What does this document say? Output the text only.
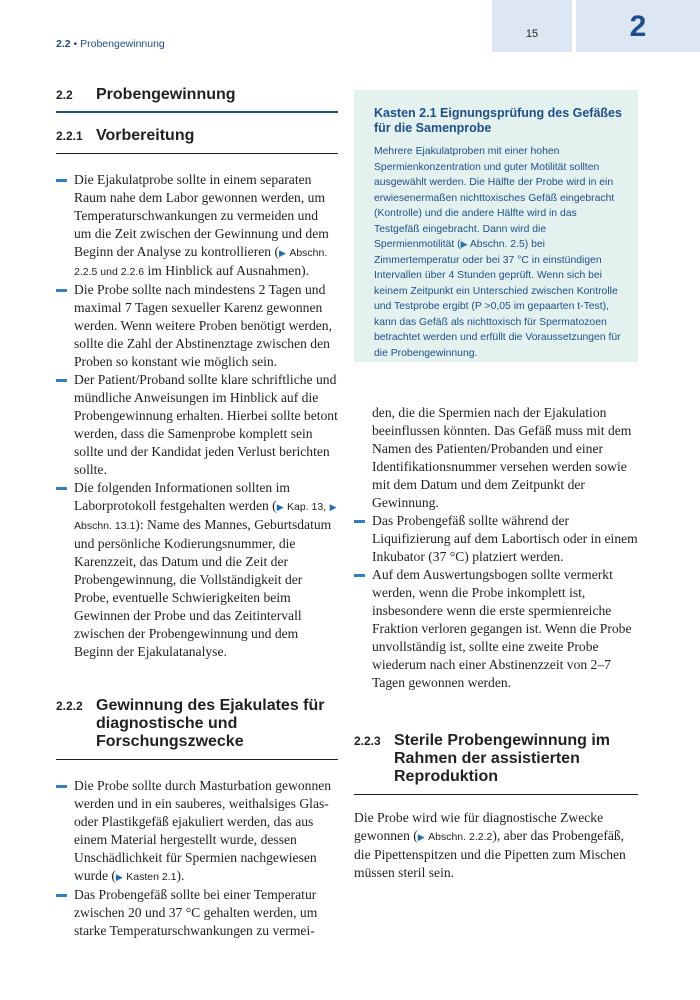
2.2 • Probengewinnung
15	2
2.2	Probengewinnung
2.2.1 Vorbereitung
Die Ejakulatprobe sollte in einem separaten Raum nahe dem Labor gewonnen werden, um Temperaturschwankungen zu vermeiden und um die Zeit zwischen der Gewinnung und dem Beginn der Analyse zu kontrollieren (▶ Abschn. 2.2.5 und 2.2.6 im Hinblick auf Ausnahmen).
Die Probe sollte nach mindestens 2 Tagen und maximal 7 Tagen sexueller Karenz gewonnen werden. Wenn weitere Proben benötigt werden, sollte die Zahl der Abstinenztage zwischen den Proben so konstant wie möglich sein.
Der Patient/Proband sollte klare schriftliche und mündliche Anweisungen im Hinblick auf die Probengewinnung erhalten. Hierbei sollte betont werden, dass die Samenprobe komplett sein sollte und der Kandidat jeden Verlust berichten sollte.
Die folgenden Informationen sollten im Laborprotokoll festgehalten werden (▶ Kap. 13, ▶ Abschn. 13.1): Name des Mannes, Geburtsdatum und persönliche Kodierungsnummer, die Karenzzeit, das Datum und die Zeit der Probengewinnung, die Vollständigkeit der Probe, eventuelle Schwierigkeiten beim Gewinnen der Probe und das Zeitintervall zwischen der Probengewinnung und dem Beginn der Ejakulatanalyse.
2.2.2 Gewinnung des Ejakulates für diagnostische und Forschungszwecke
Die Probe sollte durch Masturbation gewonnen werden und in ein sauberes, weithalsiges Glas- oder Plastikgefäß ejakuliert werden, das aus einem Material hergestellt wurde, dessen Unschädlichkeit für Spermien nachgewiesen wurde (▶ Kasten 2.1).
Das Probengefäß sollte bei einer Temperatur zwischen 20 und 37 °C gehalten werden, um starke Temperaturschwankungen zu vermei-
Kasten 2.1 Eignungsprüfung des Gefäßes für die Samenprobe
Mehrere Ejakulatproben mit einer hohen Spermienkonzentration und guter Motilität sollten ausgewählt werden. Die Hälfte der Probe wird in ein erwiesenermaßen nichttoxisches Gefäß eingebracht (Kontrolle) und die andere Hälfte wird in das Testgefäß eingebracht. Dann wird die Spermienmotilität (▶ Abschn. 2.5) bei Zimmertemperatur oder bei 37 °C in einstündigen Intervallen über 4 Stunden geprüft. Wenn sich bei keinem Zeitpunkt ein Unterschied zwischen Kontrolle und Testprobe ergibt (P >0,05 im gepaarten t-Test), kann das Gefäß als nichttoxisch für Spermatozoen betrachtet werden und erfüllt die Voraussetzungen für die Probengewinnung.

den, die die Spermien nach der Ejakulation beeinflussen könnten. Das Gefäß muss mit dem Namen des Patienten/Probanden und einer Identifikationsnummer versehen werden sowie mit dem Datum und dem Zeitpunkt der Gewinnung.

Das Probengefäß sollte während der Liquifizierung auf dem Labortisch oder in einem Inkubator (37 °C) platziert werden.
Auf dem Auswertungsbogen sollte vermerkt werden, wenn die Probe inkomplett ist, insbesondere wenn die erste spermienreiche Fraktion verloren gegangen ist. Wenn die Probe unvollständig ist, sollte eine zweite Probe wiederum nach einer Abstinenzzeit von 2–7 Tagen gewonnen werden.
2.2.3 Sterile Probengewinnung im Rahmen der assistierten Reproduktion

Die Probe wird wie für diagnostische Zwecke gewonnen (▶ Abschn. 2.2.2), aber das Probengefäß, die Pipettenspitzen und die Pipetten zum Mischen müssen steril sein.
